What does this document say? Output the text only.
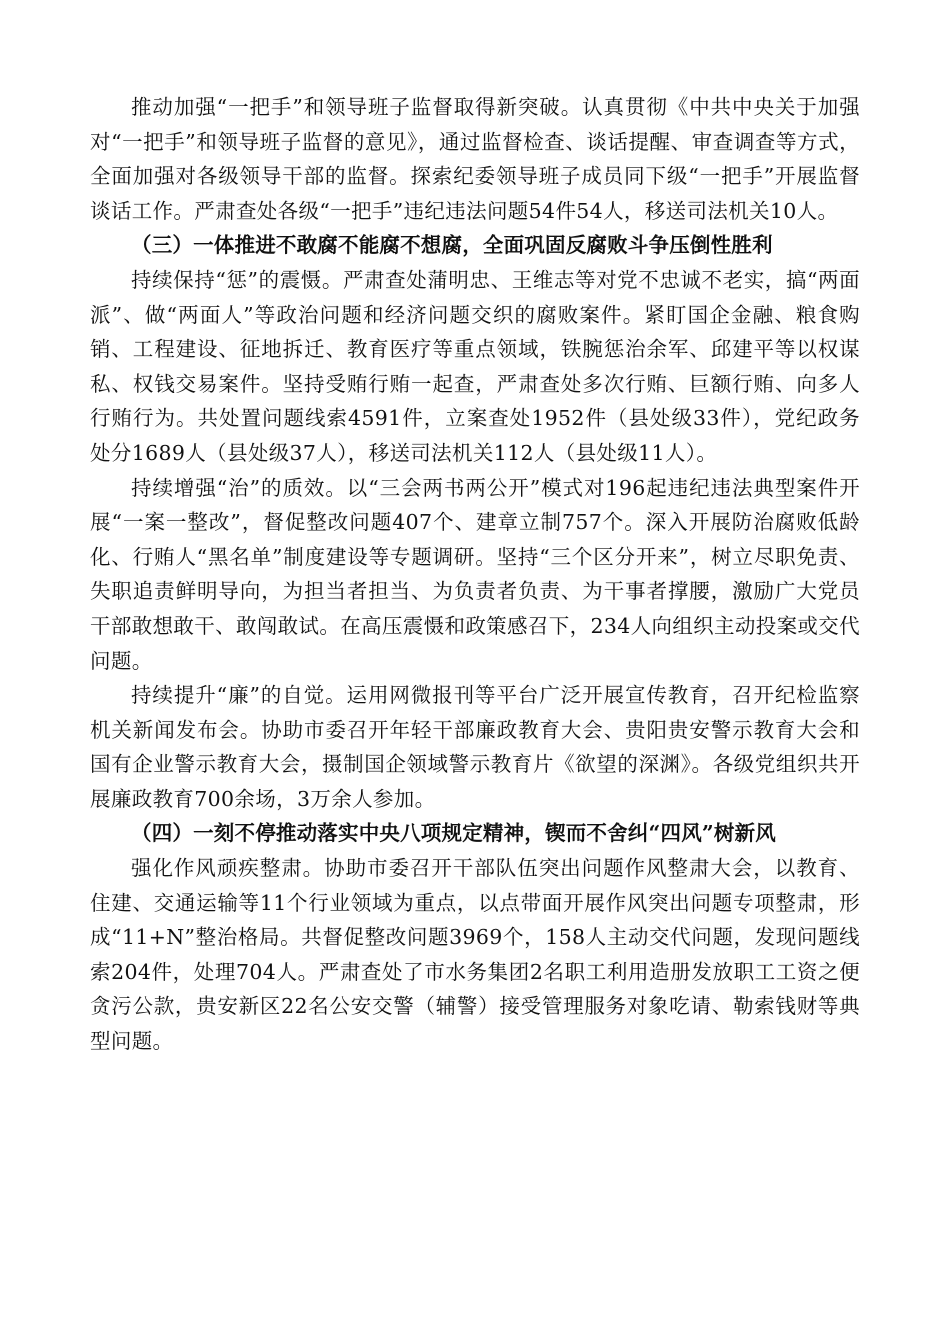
推动加强“一把手”和领导班子监督取得新突破。认真贯彻《中共中央关于加强对“一把手”和领导班子监督的意见》，通过监督检查、谈话提醒、审查调查等方式，全面加强对各级领导干部的监督。探索纪委领导班子成员同下级“一把手”开展监督谈话工作。严肃查处各级“一把手”违纪违法问题54件54人，移送司法机关10人。

（三）一体推进不敢腐不能腐不想腐，全面巩固反腐败斗争压倒性胜利

持续保持“惩”的震慑。严肃查处蒲明忠、王维志等对党不忠诚不老实，搞“两面派”、做“两面人”等政治问题和经济问题交织的腐败案件。紧盯国企金融、粮食购销、工程建设、征地拆迁、教育医疗等重点领域，铁腕惩治余军、邱建平等以权谋私、权钱交易案件。坚持受贿行贿一起查，严肃查处多次行贿、巨额行贿、向多人行贿行为。共处置问题线索4591件，立案查处1952件（县处级33件），党纪政务处分1689人（县处级37人），移送司法机关112人（县处级11人）。

持续增强“治”的质效。以“三会两书两公开”模式对196起违纪违法典型案件开展“一案一整改”，督促整改问题407个、建章立制757个。深入开展防治腐败低龄化、行贿人“黑名单”制度建设等专题调研。坚持“三个区分开来”，树立尽职免责、失职追责鲜明导向，为担当者担当、为负责者负责、为干事者撑腰，激励广大党员干部敢想敢干、敢闯敢试。在高压震慑和政策感召下，234人向组织主动投案或交代问题。

持续提升“廉”的自觉。运用网微报刊等平台广泛开展宣传教育，召开纪检监察机关新闻发布会。协助市委召开年轻干部廉政教育大会、贵阳贵安警示教育大会和国有企业警示教育大会，摄制国企领域警示教育片《欲望的深渊》。各级党组织共开展廉政教育700余场，3万余人参加。

（四）一刻不停推动落实中央八项规定精神，锲而不舍纠“四风”树新风

强化作风顽疾整肃。协助市委召开干部队伍突出问题作风整肃大会，以教育、住建、交通运输等11个行业领域为重点，以点带面开展作风突出问题专项整肃，形成“11+N”整治格局。共督促整改问题3969个，158人主动交代问题，发现问题线索204件，处理704人。严肃查处了市水务集团2名职工利用造册发放职工工资之便贪污公款，贵安新区22名公安交警（辅警）接受管理服务对象吃请、勒索钱财等典型问题。
